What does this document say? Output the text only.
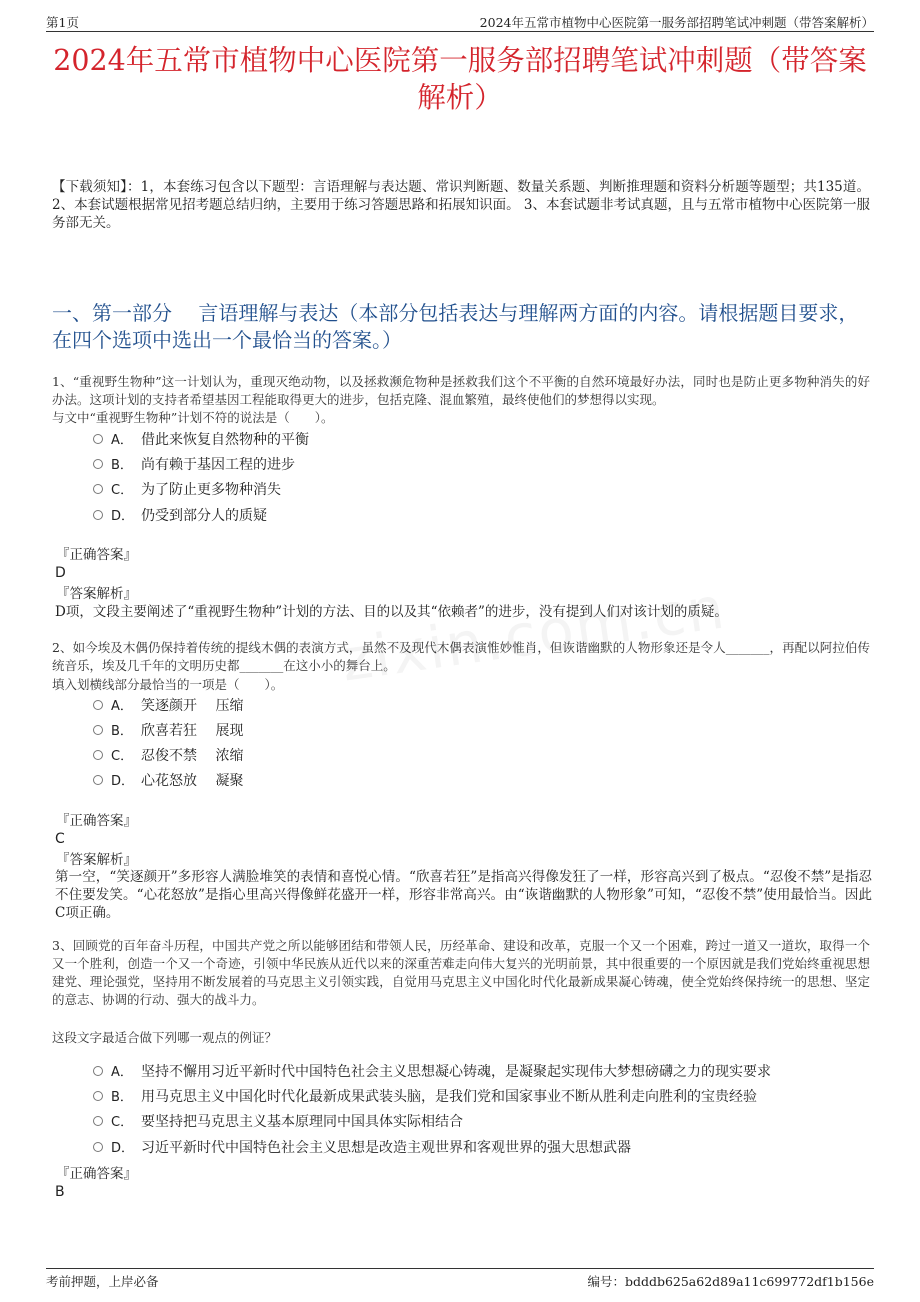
第1页	2024年五常市植物中心医院第一服务部招聘笔试冲刺题（带答案解析）
2024年五常市植物中心医院第一服务部招聘笔试冲刺题（带答案解析）
【下载须知】：1，本套练习包含以下题型：言语理解与表达题、常识判断题、数量关系题、判断推理题和资料分析题等题型；共135道。 2、本套试题根据常见招考题总结归纳，主要用于练习答题思路和拓展知识面。 3、本套试题非考试真题，且与五常市植物中心医院第一服务部无关。
一、第一部分　 言语理解与表达（本部分包括表达与理解两方面的内容。请根据题目要求，在四个选项中选出一个最恰当的答案。）
1、“重视野生物种”这一计划认为，重现灭绝动物，以及拯救濒危物种是拯救我们这个不平衡的自然环境最好办法，同时也是防止更多物种消失的好办法。这项计划的支持者希望基因工程能取得更大的进步，包括克隆、混血繁殖，最终使他们的梦想得以实现。
与文中“重视野生物种”计划不符的说法是（　　）。
A． 借此来恢复自然物种的平衡
B． 尚有赖于基因工程的进步
C． 为了防止更多物种消失
D． 仍受到部分人的质疑
『正确答案』
D
『答案解析』
D项，文段主要阐述了“重视野生物种”计划的方法、目的以及其“依赖者”的进步，没有提到人们对该计划的质疑。
2、如今埃及木偶仍保持着传统的提线木偶的表演方式，虽然不及现代木偶表演惟妙惟肖，但诙谐幽默的人物形象还是令人_______，再配以阿拉伯传统音乐，埃及几千年的文明历史都_______在这小小的舞台上。
填入划横线部分最恰当的一项是（　　）。
A． 笑逐颜开　 压缩
B． 欣喜若狂　 展现
C． 忍俊不禁　 浓缩
D． 心花怒放　 凝聚
『正确答案』
C
『答案解析』
第一空，“笑逐颜开”多形容人满脸堆笑的表情和喜悦心情。“欣喜若狂”是指高兴得像发狂了一样，形容高兴到了极点。“忍俊不禁”是指忍不住要发笑。“心花怒放”是指心里高兴得像鲜花盛开一样，形容非常高兴。由“诙谐幽默的人物形象”可知，“忍俊不禁”使用最恰当。因此C项正确。
3、回顾党的百年奋斗历程，中国共产党之所以能够团结和带领人民，历经革命、建设和改革，克服一个又一个困难，跨过一道又一道坎，取得一个又一个胜利，创造一个又一个奇迹，引领中华民族从近代以来的深重苦难走向伟大复兴的光明前景，其中很重要的一个原因就是我们党始终重视思想建党、理论强党，坚持用不断发展着的马克思主义引领实践，自觉用马克思主义中国化时代化最新成果凝心铸魂，使全党始终保持统一的思想、坚定的意志、协调的行动、强大的战斗力。
这段文字最适合做下列哪一观点的例证？
A． 坚持不懈用习近平新时代中国特色社会主义思想凝心铸魂，是凝聚起实现伟大梦想磅礴之力的现实要求
B． 用马克思主义中国化时代化最新成果武装头脑，是我们党和国家事业不断从胜利走向胜利的宝贵经验
C． 要坚持把马克思主义基本原理同中国具体实际相结合
D． 习近平新时代中国特色社会主义思想是改造主观世界和客观世界的强大思想武器
『正确答案』
B
考前押题，上岸必备	编号：bdddb625a62d89a11c699772df1b156e
